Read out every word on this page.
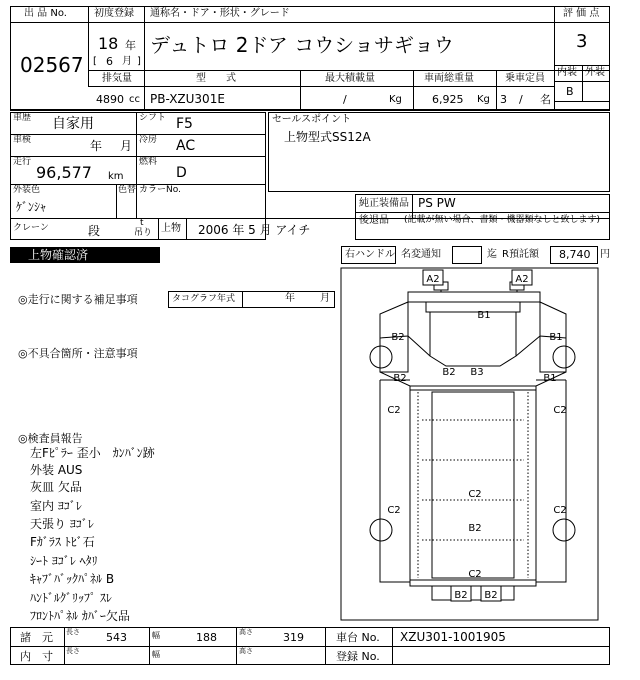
出 品 No.
02567
初度登録 通称名・ドア・形状・グレード
18 年
[ 6 月 ]
デュトロ 2ドア コウショサギョウ
評 価 点
3
内装 外装
B
排気量	型　　式	最大積載量	車両総重量	乗車定員
4890 cc PB-XZU301E	/	Kg	6,925 Kg 3 / 名
車歴 自家用	シフト F5
車検	年 月 冷房 AC
走行
96,577 km
燃料
D
外装色
ｹﾞﾝｼｬ
色替 カラーNo.
クレーン	段
t
吊り 上物 2006 年 5 月 アイチ
セールスポイント
上物型式SS12A
純正装備品 PS PW
後退品 (記載が無い場合、書類・機器類なしと致します)
上物確認済	右ハンドル 名変通知	迄 R預託額 8,740 円
◎走行に関する補足事項	タコグラフ年式	年	月
◎不具合箇所・注意事項
◎検査員報告
左Fﾋﾟﾗｰ 歪小　ｶﾝﾊﾞﾝ跡
外装 AUS
灰皿 欠品
室内 ﾖｺﾞﾚ
天張り ﾖｺﾞﾚ
Fｶﾞﾗｽ ﾄﾋﾞ石
ｼｰﾄ ﾖｺﾞﾚ ﾍﾀﾘ
ｷｬﾌﾞﾊﾞｯｸﾊﾟﾈﾙ B
ﾊﾝﾄﾞﾙｸﾞﾘｯﾌﾟ ｽﾚ
ﾌﾛﾝﾄﾊﾟﾈﾙ ｶﾊﾞｰ欠品
A2	A2
B1
B2	B1
B2
B2 B3
B1
C2	C2
C2
C2	C2
B2
C2
B2 B2
諸　元 長さ 543	幅	188	高さ	319	車台 No. XZU301-1001905
内　寸 長さ	幅	高さ	登録 No.
